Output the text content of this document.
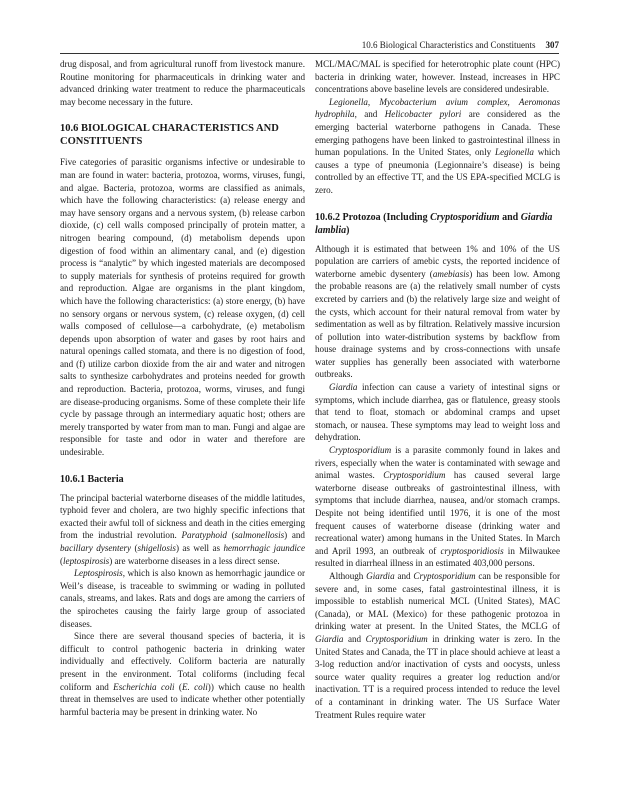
10.6 Biological Characteristics and Constituents 307

drug disposal, and from agricultural runoff from livestock manure. Routine monitoring for pharmaceuticals in drinking water and advanced drinking water treatment to reduce the pharmaceuticals may become necessary in the future.

10.6 BIOLOGICAL CHARACTERISTICS AND CONSTITUENTS

Five categories of parasitic organisms infective or undesirable to man are found in water: bacteria, protozoa, worms, viruses, fungi, and algae. Bacteria, protozoa, worms are classified as animals, which have the following characteristics: (a) release energy and may have sensory organs and a nervous system, (b) release carbon dioxide, (c) cell walls composed principally of protein matter, a nitrogen bearing compound, (d) metabolism depends upon digestion of food within an alimentary canal, and (e) digestion process is “analytic” by which ingested materials are decomposed to supply materials for synthesis of proteins required for growth and reproduction. Algae are organisms in the plant kingdom, which have the following characteristics: (a) store energy, (b) have no sensory organs or nervous system, (c) release oxygen, (d) cell walls composed of cellulose—a carbohydrate, (e) metabolism depends upon absorption of water and gases by root hairs and natural openings called stomata, and there is no digestion of food, and (f) utilize carbon dioxide from the air and water and nitrogen salts to synthesize carbohydrates and proteins needed for growth and reproduction. Bacteria, protozoa, worms, viruses, and fungi are disease-producing organisms. Some of these complete their life cycle by passage through an intermediary aquatic host; others are merely transported by water from man to man. Fungi and algae are responsible for taste and odor in water and therefore are undesirable.

10.6.1 Bacteria

The principal bacterial waterborne diseases of the middle latitudes, typhoid fever and cholera, are two highly specific infections that exacted their awful toll of sickness and death in the cities emerging from the industrial revolution. Paratyphoid (salmonellosis) and bacillary dysentery (shigellosis) as well as hemorrhagic jaundice (leptospirosis) are waterborne diseases in a less direct sense.

Leptospirosis, which is also known as hemorrhagic jaundice or Weil’s disease, is traceable to swimming or wading in polluted canals, streams, and lakes. Rats and dogs are among the carriers of the spirochetes causing the fairly large group of associated diseases.

Since there are several thousand species of bacteria, it is difficult to control pathogenic bacteria in drinking water individually and effectively. Coliform bacteria are naturally present in the environment. Total coliforms (including fecal coliform and Escherichia coli (E. coli)) which cause no health threat in themselves are used to indicate whether other potentially harmful bacteria may be present in drinking water. No

MCL/MAC/MAL is specified for heterotrophic plate count (HPC) bacteria in drinking water, however. Instead, increases in HPC concentrations above baseline levels are considered undesirable.

Legionella, Mycobacterium avium complex, Aeromonas hydrophila, and Helicobacter pylori are considered as the emerging bacterial waterborne pathogens in Canada. These emerging pathogens have been linked to gastrointestinal illness in human populations. In the United States, only Legionella which causes a type of pneumonia (Legionnaire’s disease) is being controlled by an effective TT, and the US EPA-specified MCLG is zero.

10.6.2 Protozoa (Including Cryptosporidium and Giardia lamblia)

Although it is estimated that between 1% and 10% of the US population are carriers of amebic cysts, the reported incidence of waterborne amebic dysentery (amebiasis) has been low. Among the probable reasons are (a) the relatively small number of cysts excreted by carriers and (b) the relatively large size and weight of the cysts, which account for their natural removal from water by sedimentation as well as by filtration. Relatively massive incursion of pollution into water-distribution systems by backflow from house drainage systems and by cross-connections with unsafe water supplies has generally been associated with waterborne outbreaks.

Giardia infection can cause a variety of intestinal signs or symptoms, which include diarrhea, gas or flatulence, greasy stools that tend to float, stomach or abdominal cramps and upset stomach, or nausea. These symptoms may lead to weight loss and dehydration.

Cryptosporidium is a parasite commonly found in lakes and rivers, especially when the water is contaminated with sewage and animal wastes. Cryptosporidium has caused several large waterborne disease outbreaks of gastrointestinal illness, with symptoms that include diarrhea, nausea, and/or stomach cramps. Despite not being identified until 1976, it is one of the most frequent causes of waterborne disease (drinking water and recreational water) among humans in the United States. In March and April 1993, an outbreak of cryptosporidiosis in Milwaukee resulted in diarrheal illness in an estimated 403,000 persons.

Although Giardia and Cryptosporidium can be responsible for severe and, in some cases, fatal gastrointestinal illness, it is impossible to establish numerical MCL (United States), MAC (Canada), or MAL (Mexico) for these pathogenic protozoa in drinking water at present. In the United States, the MCLG of Giardia and Cryptosporidium in drinking water is zero. In the United States and Canada, the TT in place should achieve at least a 3-log reduction and/or inactivation of cysts and oocysts, unless source water quality requires a greater log reduction and/or inactivation. TT is a required process intended to reduce the level of a contaminant in drinking water. The US Surface Water Treatment Rules require water
